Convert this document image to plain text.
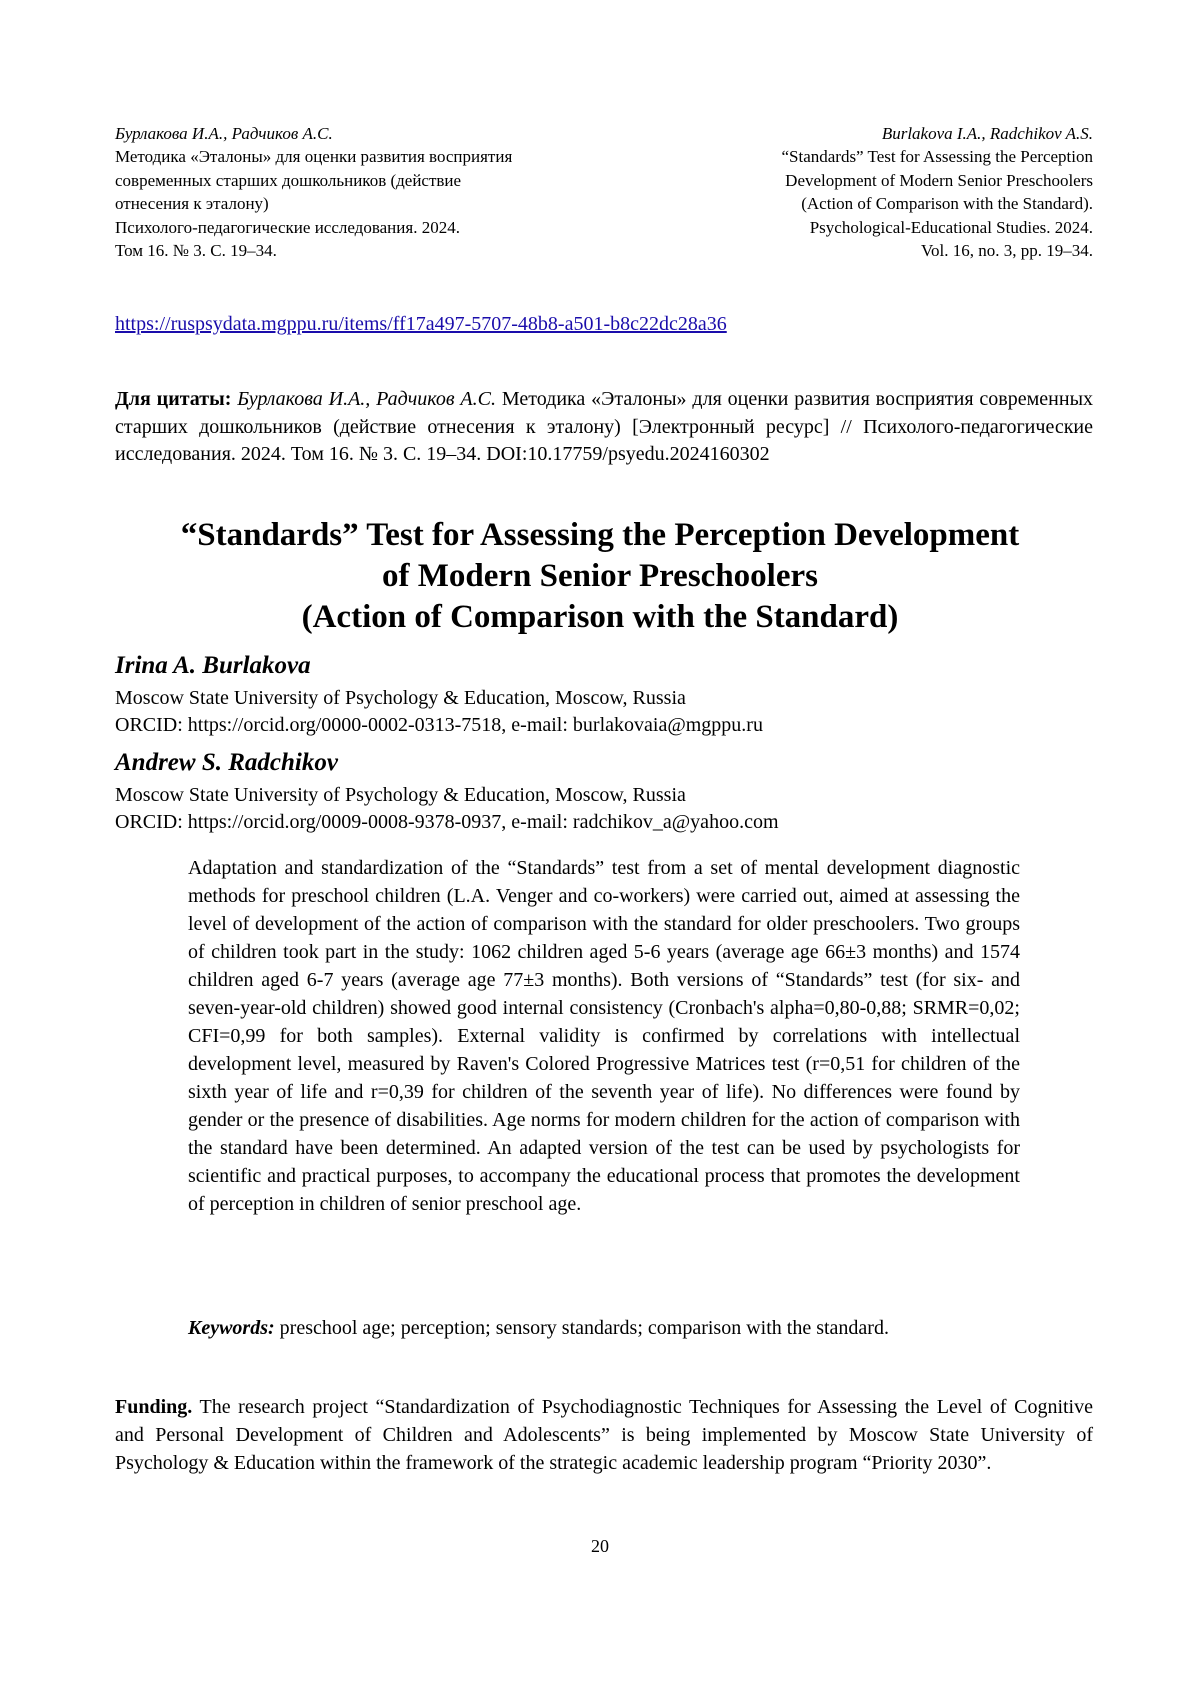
Бурлакова И.А., Радчиков А.С.
Методика «Эталоны» для оценки развития восприятия
современных старших дошкольников (действие
отнесения к эталону)
Психолого-педагогические исследования. 2024.
Том 16. № 3. С. 19–34.
Burlakova I.A., Radchikov A.S.
“Standards” Test for Assessing the Perception
Development of Modern Senior Preschoolers
(Action of Comparison with the Standard).
Psychological-Educational Studies. 2024.
Vol. 16, no. 3, pp. 19–34.
https://ruspsydata.mgppu.ru/items/ff17a497-5707-48b8-a501-b8c22dc28a36
Для цитаты: Бурлакова И.А., Радчиков А.С. Методика «Эталоны» для оценки развития восприятия современных старших дошкольников (действие отнесения к эталону) [Электронный ресурс] // Психолого-педагогические исследования. 2024. Том 16. № 3. С. 19–34. DOI:10.17759/psyedu.2024160302
“Standards” Test for Assessing the Perception Development
of Modern Senior Preschoolers
(Action of Comparison with the Standard)
Irina A. Burlakova
Moscow State University of Psychology & Education, Moscow, Russia
ORCID: https://orcid.org/0000-0002-0313-7518, e-mail: burlakovaia@mgppu.ru
Andrew S. Radchikov
Moscow State University of Psychology & Education, Moscow, Russia
ORCID: https://orcid.org/0009-0008-9378-0937, e-mail: radchikov_a@yahoo.com
Adaptation and standardization of the “Standards” test from a set of mental development diagnostic methods for preschool children (L.A. Venger and co-workers) were carried out, aimed at assessing the level of development of the action of comparison with the standard for older preschoolers. Two groups of children took part in the study: 1062 children aged 5-6 years (average age 66±3 months) and 1574 children aged 6-7 years (average age 77±3 months). Both versions of “Standards” test (for six- and seven-year-old children) showed good internal consistency (Cronbach's alpha=0,80-0,88; SRMR=0,02; CFI=0,99 for both samples). External validity is confirmed by correlations with intellectual development level, measured by Raven's Colored Progressive Matrices test (r=0,51 for children of the sixth year of life and r=0,39 for children of the seventh year of life). No differences were found by gender or the presence of disabilities. Age norms for modern children for the action of comparison with the standard have been determined. An adapted version of the test can be used by psychologists for scientific and practical purposes, to accompany the educational process that promotes the development of perception in children of senior preschool age.
Keywords: preschool age; perception; sensory standards; comparison with the standard.
Funding. The research project “Standardization of Psychodiagnostic Techniques for Assessing the Level of Cognitive and Personal Development of Children and Adolescents” is being implemented by Moscow State University of Psychology & Education within the framework of the strategic academic leadership program “Priority 2030”.
20
